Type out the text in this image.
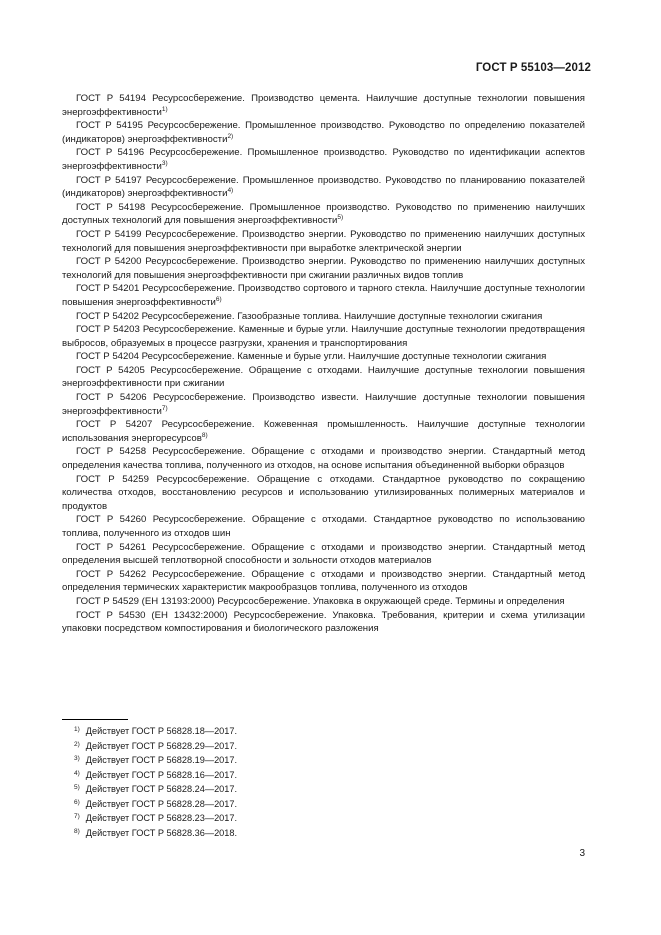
ГОСТ Р 55103—2012

ГОСТ Р 54194 Ресурсосбережение. Производство цемента. Наилучшие доступные технологии повышения энергоэффективности$^{1)}$

ГОСТ Р 54195 Ресурсосбережение. Промышленное производство. Руководство по определению показателей (индикаторов) энергоэффективности$^{2)}$

ГОСТ Р 54196 Ресурсосбережение. Промышленное производство. Руководство по идентификации аспектов энергоэффективности$^{3)}$

ГОСТ Р 54197 Ресурсосбережение. Промышленное производство. Руководство по планированию показателей (индикаторов) энергоэффективности$^{4)}$

ГОСТ Р 54198 Ресурсосбережение. Промышленное производство. Руководство по применению наилучших доступных технологий для повышения энергоэффективности$^{5)}$

ГОСТ Р 54199 Ресурсосбережение. Производство энергии. Руководство по применению наилучших доступных технологий для повышения энергоэффективности при выработке электрической энергии

ГОСТ Р 54200 Ресурсосбережение. Производство энергии. Руководство по применению наилучших доступных технологий для повышения энергоэффективности при сжигании различных видов топлив

ГОСТ Р 54201 Ресурсосбережение. Производство сортового и тарного стекла. Наилучшие доступные технологии повышения энергоэффективности$^{6)}$

ГОСТ Р 54202 Ресурсосбережение. Газообразные топлива. Наилучшие доступные технологии сжигания

ГОСТ Р 54203 Ресурсосбережение. Каменные и бурые угли. Наилучшие доступные технологии предотвращения выбросов, образуемых в процессе разгрузки, хранения и транспортирования

ГОСТ Р 54204 Ресурсосбережение. Каменные и бурые угли. Наилучшие доступные технологии сжигания

ГОСТ Р 54205 Ресурсосбережение. Обращение с отходами. Наилучшие доступные технологии повышения энергоэффективности при сжигании

ГОСТ Р 54206 Ресурсосбережение. Производство извести. Наилучшие доступные технологии повышения энергоэффективности$^{7)}$

ГОСТ Р 54207 Ресурсосбережение. Кожевенная промышленность. Наилучшие доступные технологии использования энергоресурсов$^{8)}$

ГОСТ Р 54258 Ресурсосбережение. Обращение с отходами и производство энергии. Стандартный метод определения качества топлива, полученного из отходов, на основе испытания объединенной выборки образцов

ГОСТ Р 54259 Ресурсосбережение. Обращение с отходами. Стандартное руководство по сокращению количества отходов, восстановлению ресурсов и использованию утилизированных полимерных материалов и продуктов

ГОСТ Р 54260 Ресурсосбережение. Обращение с отходами. Стандартное руководство по использованию топлива, полученного из отходов шин

ГОСТ Р 54261 Ресурсосбережение. Обращение с отходами и производство энергии. Стандартный метод определения высшей теплотворной способности и зольности отходов материалов

ГОСТ Р 54262 Ресурсосбережение. Обращение с отходами и производство энергии. Стандартный метод определения термических характеристик макрообразцов топлива, полученного из отходов

ГОСТ Р 54529 (ЕН 13193:2000) Ресурсосбережение. Упаковка в окружающей среде. Термины и определения

ГОСТ Р 54530 (ЕН 13432:2000) Ресурсосбережение. Упаковка. Требования, критерии и схема утилизации упаковки посредством компостирования и биологического разложения

$^{1)}$ Действует ГОСТ Р 56828.18—2017.

$^{2)}$ Действует ГОСТ Р 56828.29—2017.

$^{3)}$ Действует ГОСТ Р 56828.19—2017.

$^{4)}$ Действует ГОСТ Р 56828.16—2017.

$^{5)}$ Действует ГОСТ Р 56828.24—2017.

$^{6)}$ Действует ГОСТ Р 56828.28—2017.

$^{7)}$ Действует ГОСТ Р 56828.23—2017.

$^{8)}$ Действует ГОСТ Р 56828.36—2018.

3
